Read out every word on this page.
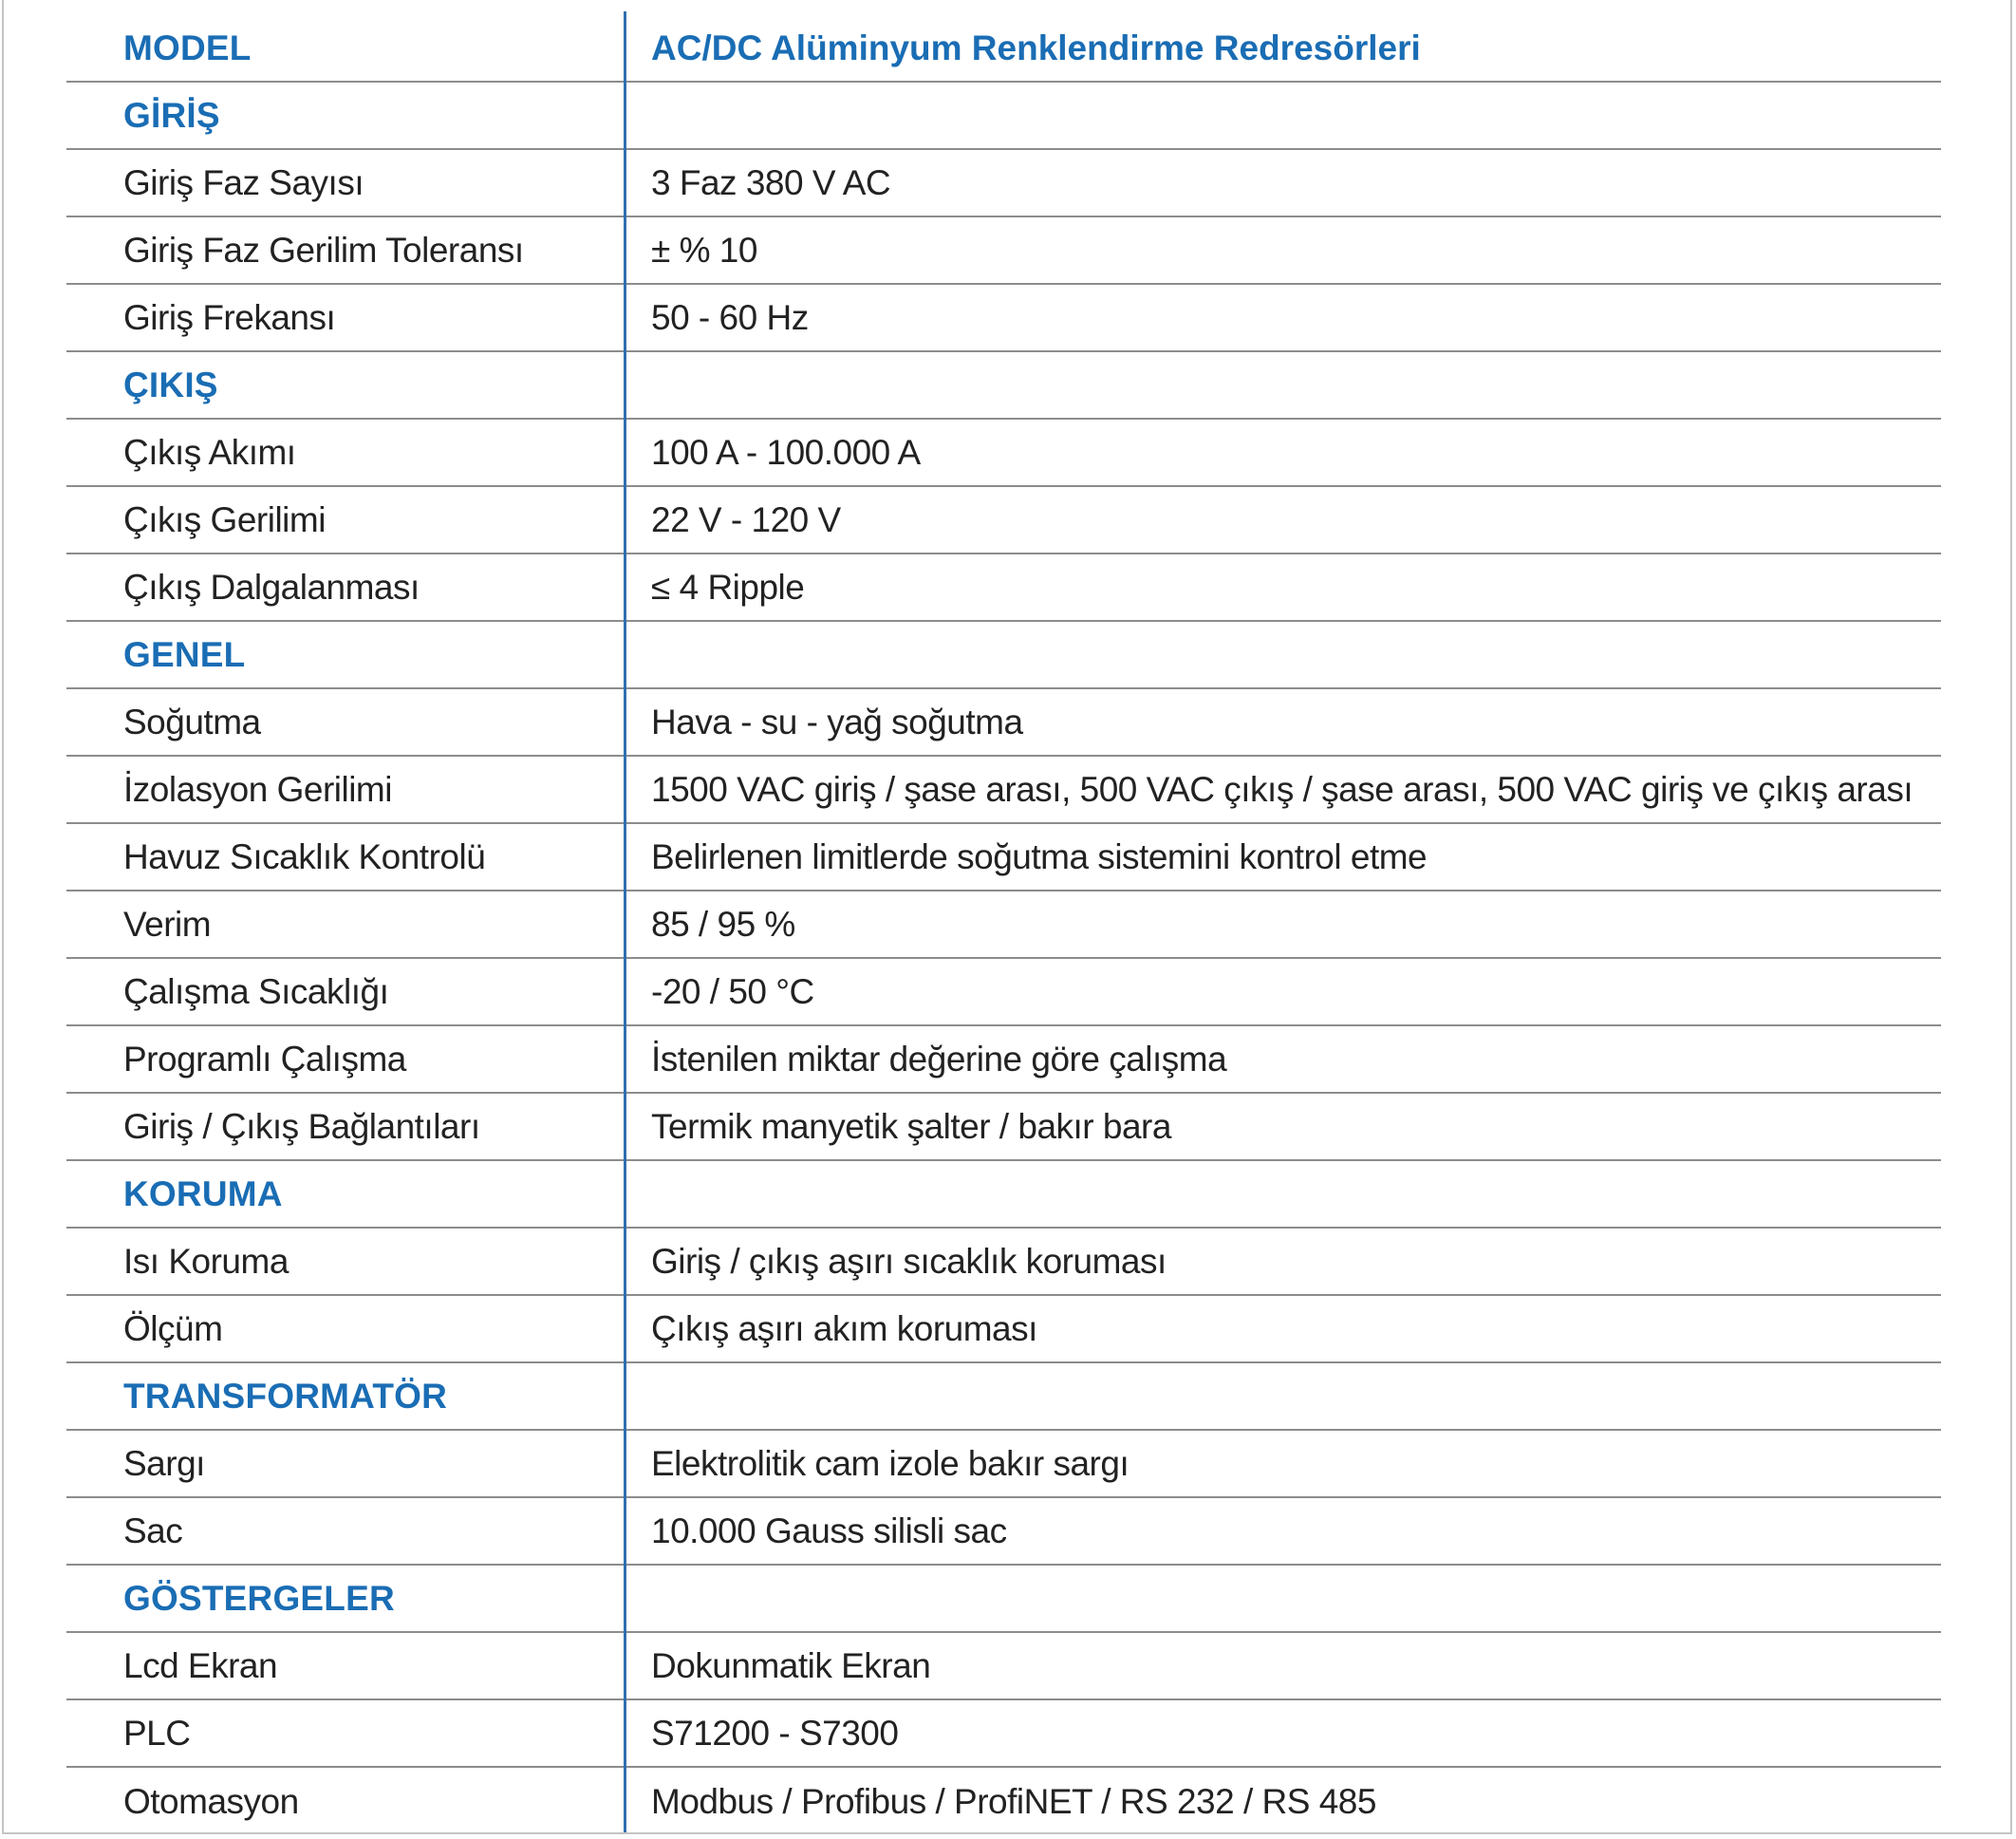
MODEL	AC/DC Alüminyum Renklendirme Redresörleri
GİRİŞ
Giriş Faz Sayısı	3 Faz 380 V AC
Giriş Faz Gerilim Toleransı	± % 10
Giriş Frekansı	50 - 60 Hz
ÇIKIŞ
Çıkış Akımı	100 A - 100.000 A
Çıkış Gerilimi	22 V - 120 V
Çıkış Dalgalanması	≤ 4 Ripple
GENEL
Soğutma	Hava - su - yağ soğutma
İzolasyon Gerilimi	1500 VAC giriş / şase arası, 500 VAC çıkış / şase arası, 500 VAC giriş ve çıkış arası
Havuz Sıcaklık Kontrolü	Belirlenen limitlerde soğutma sistemini kontrol etme
Verim	85 / 95 %
Çalışma Sıcaklığı	-20 / 50 °C
Programlı Çalışma	İstenilen miktar değerine göre çalışma
Giriş / Çıkış Bağlantıları	Termik manyetik şalter / bakır bara
KORUMA
Isı Koruma	Giriş / çıkış aşırı sıcaklık koruması
Ölçüm	Çıkış aşırı akım koruması
TRANSFORMATÖR
Sargı	Elektrolitik cam izole bakır sargı
Sac	10.000 Gauss silisli sac
GÖSTERGELER
Lcd Ekran	Dokunmatik Ekran
PLC	S71200 - S7300
Otomasyon	Modbus / Profibus / ProfiNET / RS 232 / RS 485
